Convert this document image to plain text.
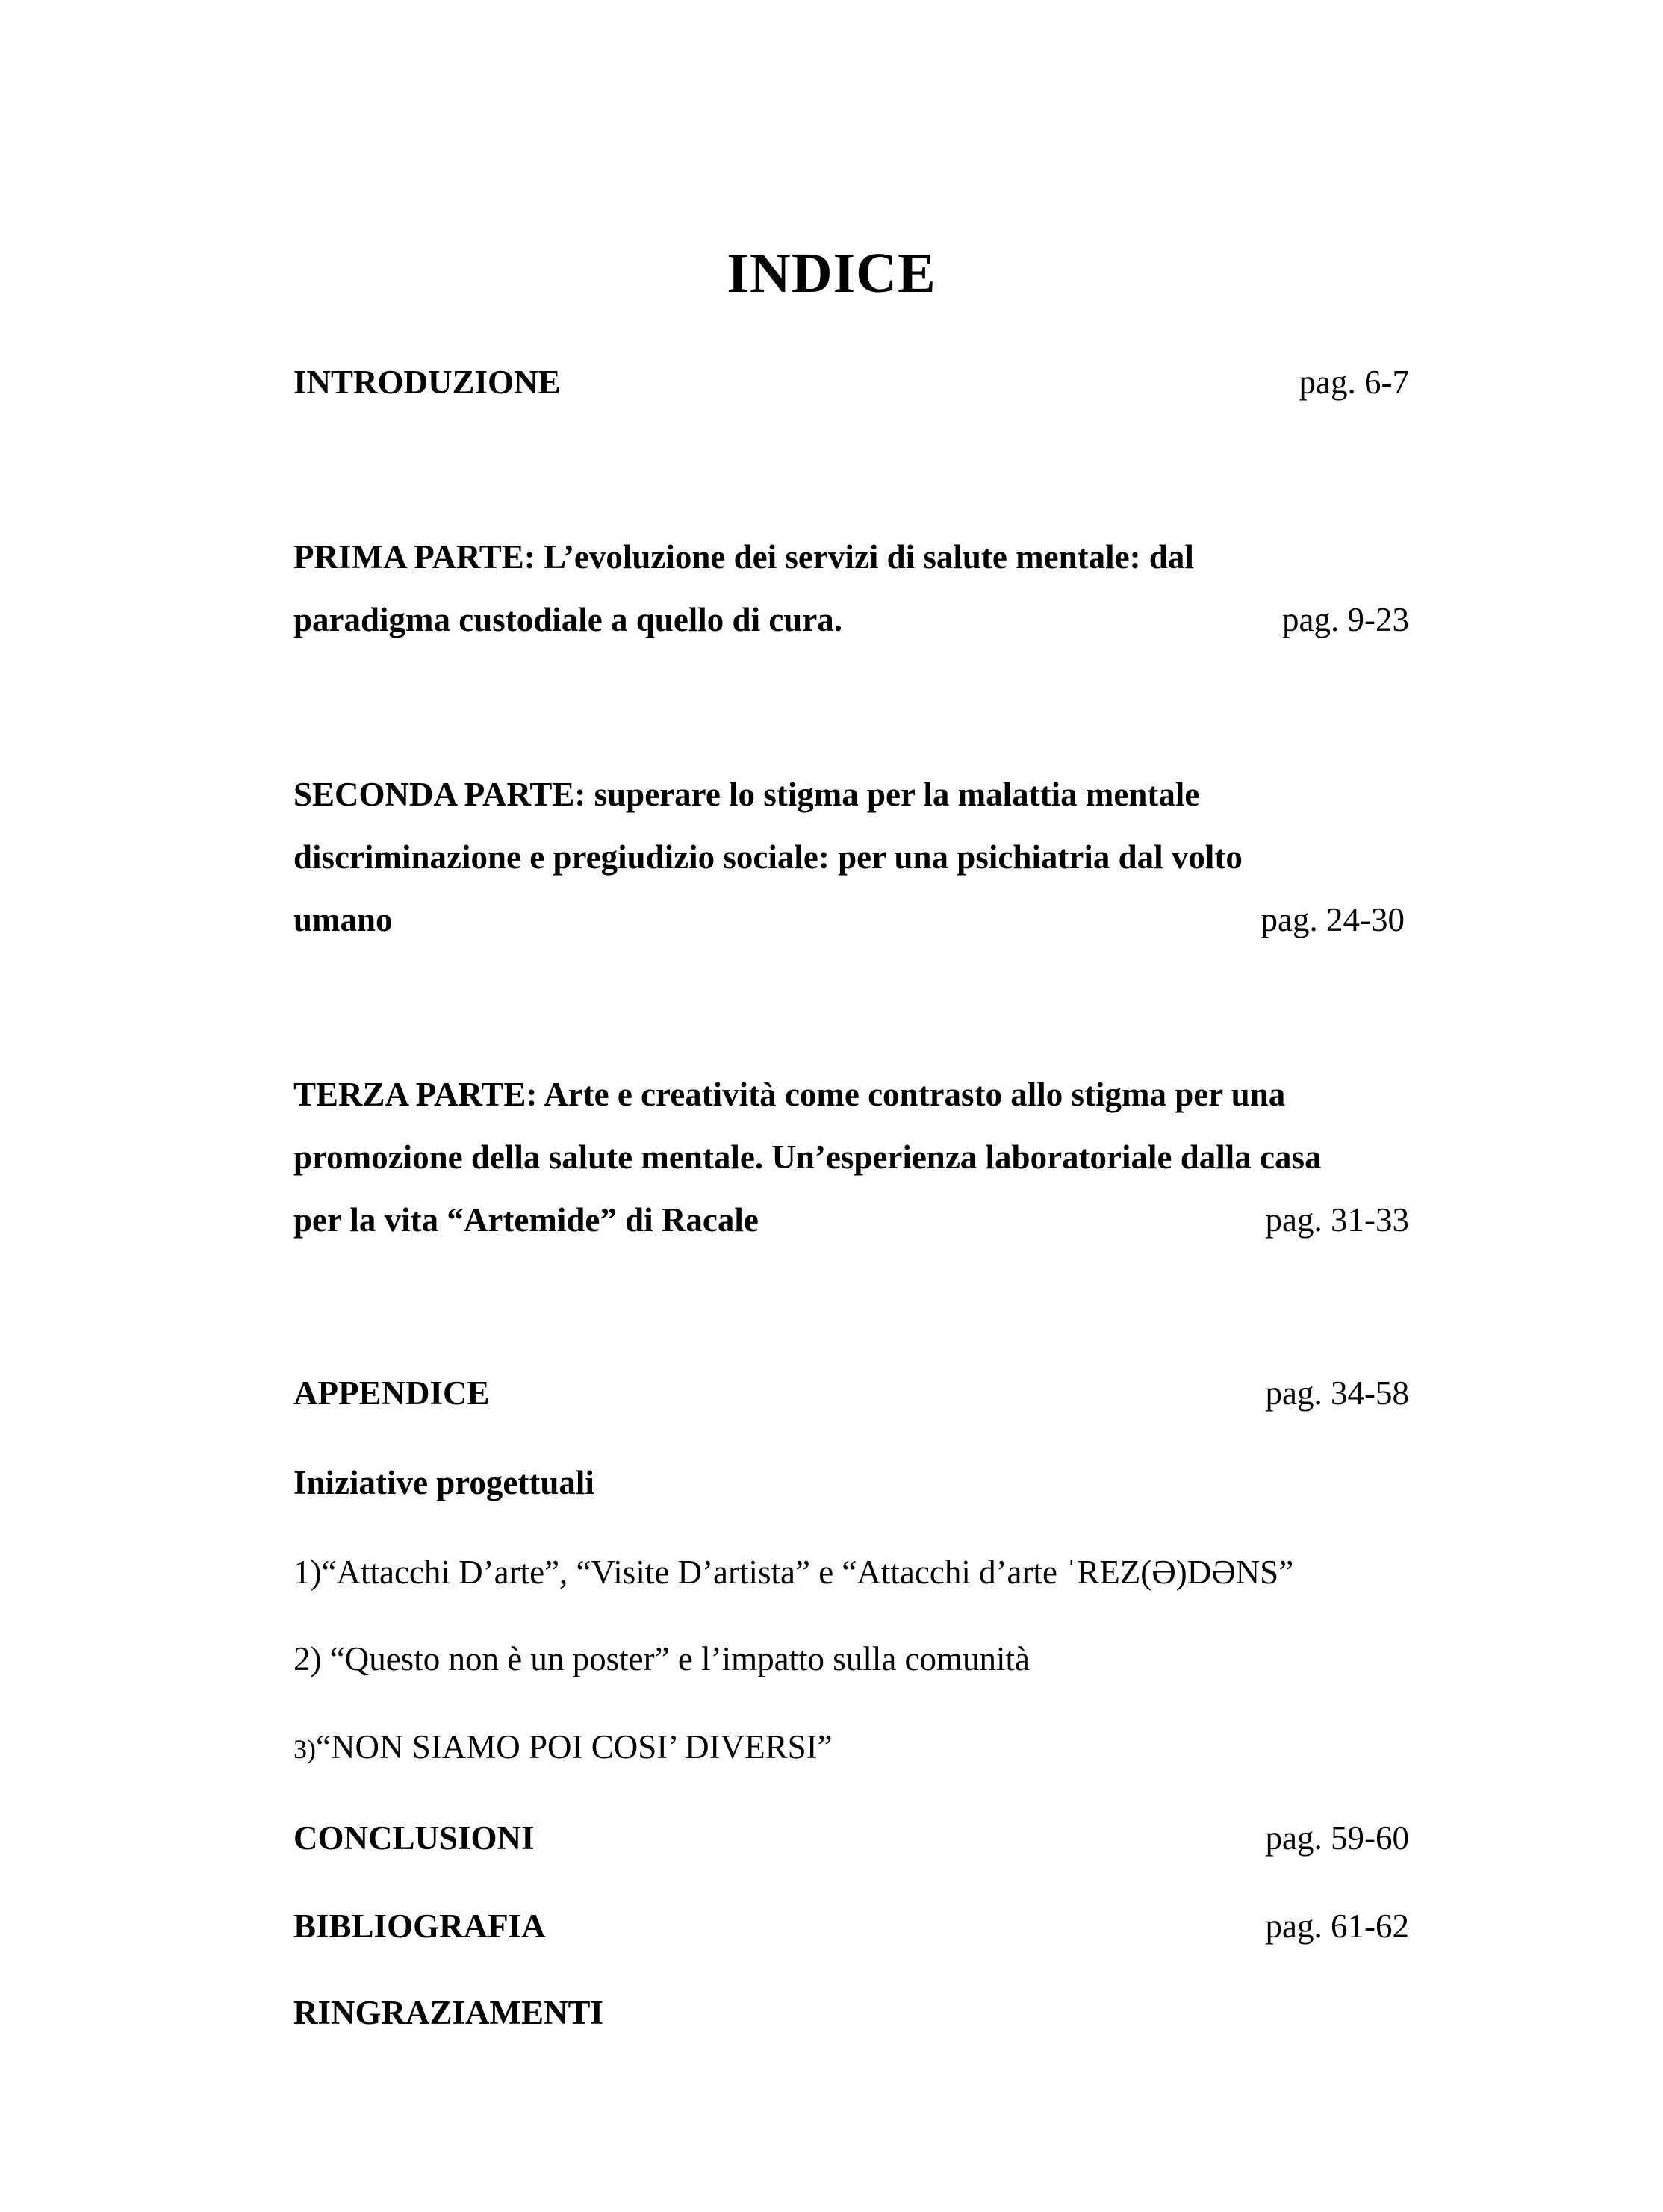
INDICE
INTRODUZIONE	pag. 6-7
PRIMA PARTE: L’evoluzione dei servizi di salute mentale: dal
paradigma custodiale a quello di cura.	pag. 9-23
SECONDA PARTE: superare lo stigma per la malattia mentale
discriminazione e pregiudizio sociale: per una psichiatria dal volto
umano	pag. 24-30
TERZA PARTE: Arte e creatività come contrasto allo stigma per una
promozione della salute mentale. Un’esperienza laboratoriale dalla casa
per la vita “Artemide” di Racale	pag. 31-33
APPENDICE	pag. 34-58
Iniziative progettuali
1)“Attacchi D’arte”, “Visite D’artista” e “Attacchi d’arte ˈREZ(Ə)DƏNS”
2) “Questo non è un poster” e l’impatto sulla comunità
3)“NON SIAMO POI COSI’ DIVERSI”
CONCLUSIONI	pag. 59-60
BIBLIOGRAFIA	pag. 61-62
RINGRAZIAMENTI
